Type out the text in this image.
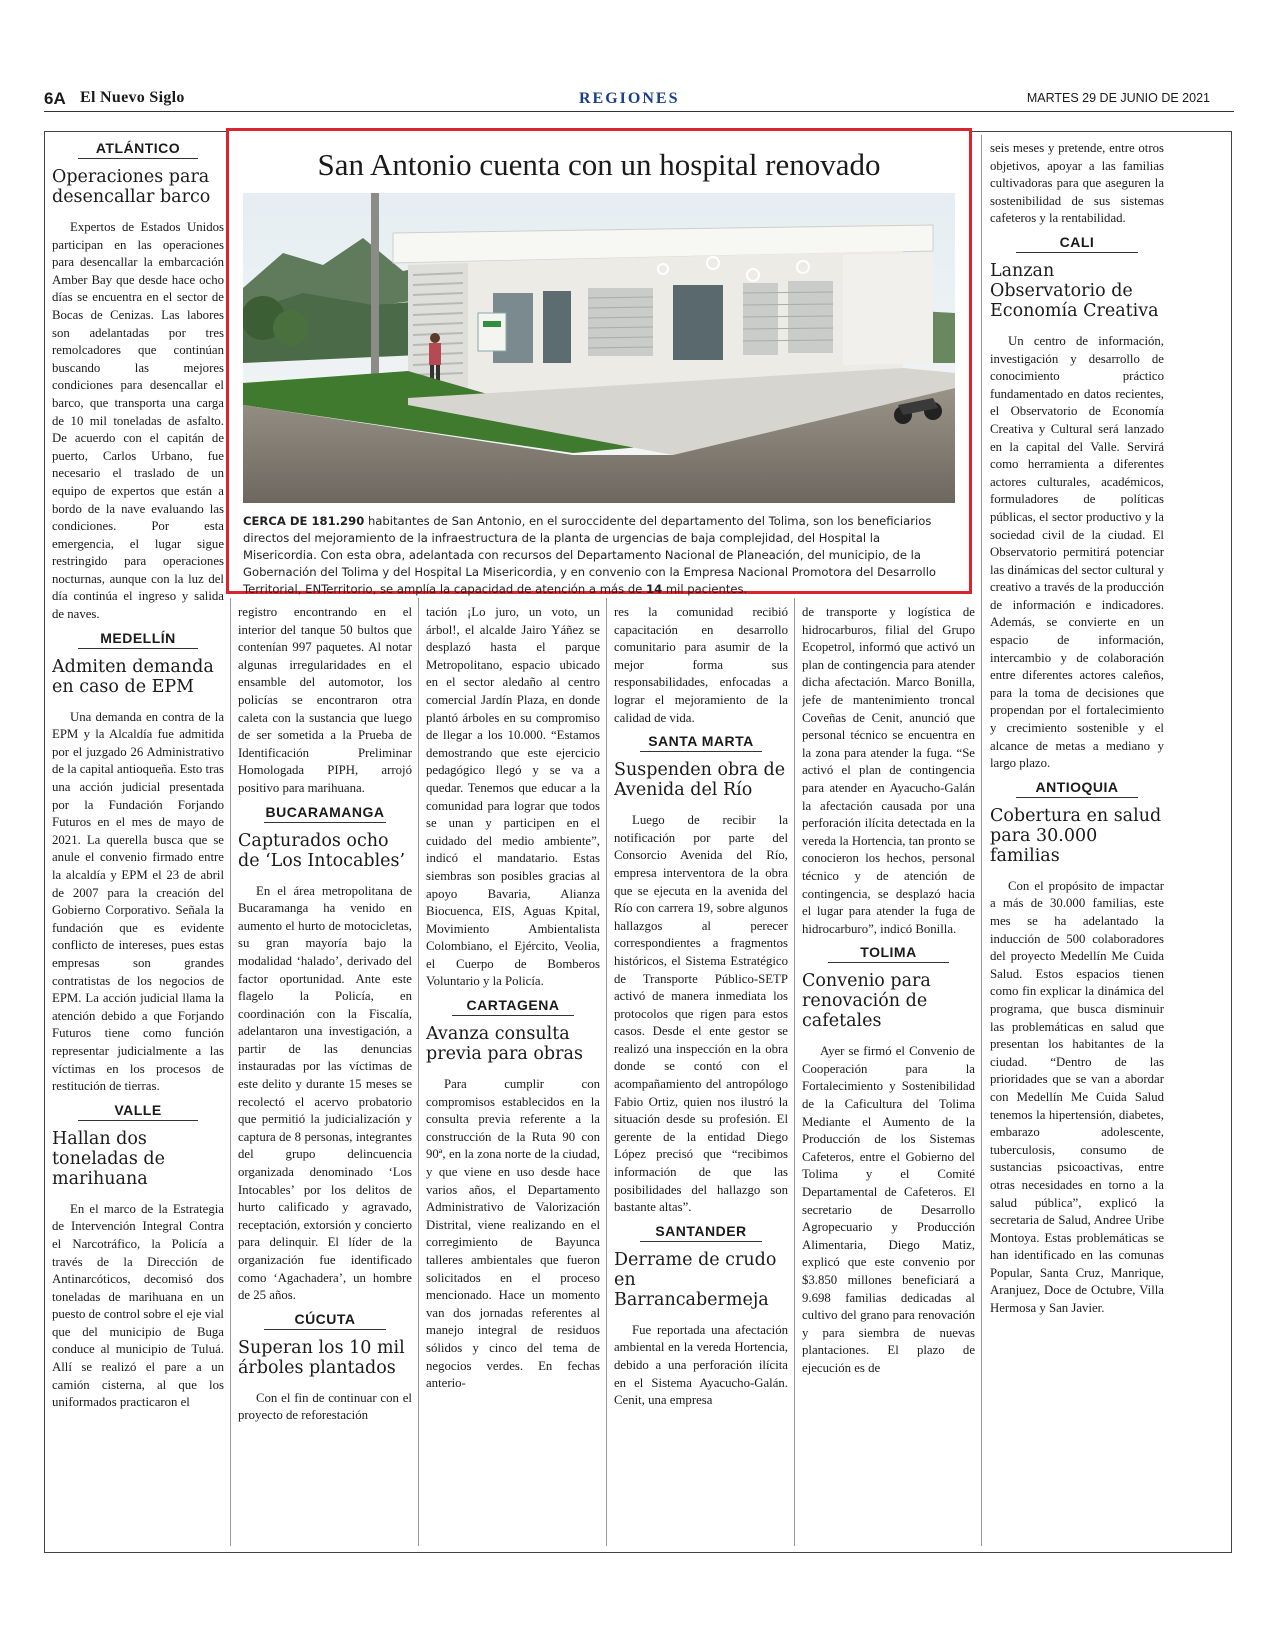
6A El Nuevo Siglo	REGIONES	MARTES 29 DE JUNIO DE 2021
ATLÁNTICO
Operaciones para desencallar barco

Expertos de Estados Unidos participan en las operaciones para desencallar la embarcación Amber Bay que desde hace ocho días se encuentra en el sector de Bocas de Cenizas. Las labores son adelantadas por tres remolcadores que continúan buscando las mejores condiciones para desencallar el barco, que transporta una carga de 10 mil toneladas de asfalto. De acuerdo con el capitán de puerto, Carlos Urbano, fue necesario el traslado de un equipo de expertos que están a bordo de la nave evaluando las condiciones. Por esta emergencia, el lugar sigue restringido para operaciones nocturnas, aunque con la luz del día continúa el ingreso y salida de naves.

MEDELLÍN
Admiten demanda en caso de EPM

Una demanda en contra de la EPM y la Alcaldía fue admitida por el juzgado 26 Administrativo de la capital antioqueña. Esto tras una acción judicial presentada por la Fundación Forjando Futuros en el mes de mayo de 2021. La querella busca que se anule el convenio firmado entre la alcaldía y EPM el 23 de abril de 2007 para la creación del Gobierno Corporativo. Señala la fundación que es evidente conflicto de intereses, pues estas empresas son grandes contratistas de los negocios de EPM. La acción judicial llama la atención debido a que Forjando Futuros tiene como función representar judicialmente a las víctimas en los procesos de restitución de tierras.

VALLE
Hallan dos toneladas de marihuana

En el marco de la Estrategia de Intervención Integral Contra el Narcotráfico, la Policía a través de la Dirección de Antinarcóticos, decomisó dos toneladas de marihuana en un puesto de control sobre el eje vial que del municipio de Buga conduce al municipio de Tuluá. Allí se realizó el pare a un camión cisterna, al que los uniformados practicaron el

San Antonio cuenta con un hospital renovado
CERCA DE 181.290 habitantes de San Antonio, en el suroccidente del departamento del Tolima, son los beneficiarios directos del mejoramiento de la infraestructura de la planta de urgencias de baja complejidad, del Hospital la Misericordia. Con esta obra, adelantada con recursos del Departamento Nacional de Planeación, del municipio, de la Gobernación del Tolima y del Hospital La Misericordia, y en convenio con la Empresa Nacional Promotora del Desarrollo Territorial, ENTerritorio, se amplía la capacidad de atención a más de 14 mil pacientes.

registro encontrando en el interior del tanque 50 bultos que contenían 997 paquetes. Al notar algunas irregularidades en el ensamble del automotor, los policías se encontraron otra caleta con la sustancia que luego de ser sometida a la Prueba de Identificación Preliminar Homologada PIPH, arrojó positivo para marihuana.

BUCARAMANGA
Capturados ocho de ‘Los Intocables’

En el área metropolitana de Bucaramanga ha venido en aumento el hurto de motocicletas, su gran mayoría bajo la modalidad ‘halado’, derivado del factor oportunidad. Ante este flagelo la Policía, en coordinación con la Fiscalía, adelantaron una investigación, a partir de las denuncias instauradas por las víctimas de este delito y durante 15 meses se recolectó el acervo probatorio que permitió la judicialización y captura de 8 personas, integrantes del grupo delincuencia organizada denominado ‘Los Intocables’ por los delitos de hurto calificado y agravado, receptación, extorsión y concierto para delinquir. El líder de la organización fue identificado como ‘Agachadera’, un hombre de 25 años.

CÚCUTA
Superan los 10 mil árboles plantados

Con el fin de continuar con el proyecto de reforestación

tación ¡Lo juro, un voto, un árbol!, el alcalde Jairo Yáñez se desplazó hasta el parque Metropolitano, espacio ubicado en el sector aledaño al centro comercial Jardín Plaza, en donde plantó árboles en su compromiso de llegar a los 10.000. “Estamos demostrando que este ejercicio pedagógico llegó y se va a quedar. Tenemos que educar a la comunidad para lograr que todos se unan y participen en el cuidado del medio ambiente”, indicó el mandatario. Estas siembras son posibles gracias al apoyo Bavaria, Alianza Biocuenca, EIS, Aguas Kpital, Movimiento Ambientalista Colombiano, el Ejército, Veolia, el Cuerpo de Bomberos Voluntario y la Policía.

CARTAGENA
Avanza consulta previa para obras

Para cumplir con compromisos establecidos en la consulta previa referente a la construcción de la Ruta 90 con 90ª, en la zona norte de la ciudad, y que viene en uso desde hace varios años, el Departamento Administrativo de Valorización Distrital, viene realizando en el corregimiento de Bayunca talleres ambientales que fueron solicitados en el proceso mencionado. Hace un momento van dos jornadas referentes al manejo integral de residuos sólidos y cinco del tema de negocios verdes. En fechas anterio-

res la comunidad recibió capacitación en desarrollo comunitario para asumir de la mejor forma sus responsabilidades, enfocadas a lograr el mejoramiento de la calidad de vida.

SANTA MARTA
Suspenden obra de Avenida del Río

Luego de recibir la notificación por parte del Consorcio Avenida del Río, empresa interventora de la obra que se ejecuta en la avenida del Río con carrera 19, sobre algunos hallazgos al perecer correspondientes a fragmentos históricos, el Sistema Estratégico de Transporte Público-SETP activó de manera inmediata los protocolos que rigen para estos casos. Desde el ente gestor se realizó una inspección en la obra donde se contó con el acompañamiento del antropólogo Fabio Ortiz, quien nos ilustró la situación desde su profesión. El gerente de la entidad Diego López precisó que “recibimos información de que las posibilidades del hallazgo son bastante altas”.

SANTANDER
Derrame de crudo en Barrancabermeja

Fue reportada una afectación ambiental en la vereda Hortencia, debido a una perforación ilícita en el Sistema Ayacucho-Galán. Cenit, una empresa

de transporte y logística de hidrocarburos, filial del Grupo Ecopetrol, informó que activó un plan de contingencia para atender dicha afectación. Marco Bonilla, jefe de mantenimiento troncal Coveñas de Cenit, anunció que personal técnico se encuentra en la zona para atender la fuga. “Se activó el plan de contingencia para atender en Ayacucho-Galán la afectación causada por una perforación ilícita detectada en la vereda la Hortencia, tan pronto se conocieron los hechos, personal técnico y de atención de contingencia, se desplazó hacia el lugar para atender la fuga de hidrocarburo”, indicó Bonilla.

TOLIMA
Convenio para renovación de cafetales

Ayer se firmó el Convenio de Cooperación para la Fortalecimiento y Sostenibilidad de la Caficultura del Tolima Mediante el Aumento de la Producción de los Sistemas Cafeteros, entre el Gobierno del Tolima y el Comité Departamental de Cafeteros. El secretario de Desarrollo Agropecuario y Producción Alimentaria, Diego Matiz, explicó que este convenio por $3.850 millones beneficiará a 9.698 familias dedicadas al cultivo del grano para renovación y para siembra de nuevas plantaciones. El plazo de ejecución es de

seis meses y pretende, entre otros objetivos, apoyar a las familias cultivadoras para que aseguren la sostenibilidad de sus sistemas cafeteros y la rentabilidad.

CALI
Lanzan Observatorio de Economía Creativa

Un centro de información, investigación y desarrollo de conocimiento práctico fundamentado en datos recientes, el Observatorio de Economía Creativa y Cultural será lanzado en la capital del Valle. Servirá como herramienta a diferentes actores culturales, académicos, formuladores de políticas públicas, el sector productivo y la sociedad civil de la ciudad. El Observatorio permitirá potenciar las dinámicas del sector cultural y creativo a través de la producción de información e indicadores. Además, se convierte en un espacio de información, intercambio y de colaboración entre diferentes actores caleños, para la toma de decisiones que propendan por el fortalecimiento y crecimiento sostenible y el alcance de metas a mediano y largo plazo.

ANTIOQUIA
Cobertura en salud para 30.000 familias

Con el propósito de impactar a más de 30.000 familias, este mes se ha adelantado la inducción de 500 colaboradores del proyecto Medellín Me Cuida Salud. Estos espacios tienen como fin explicar la dinámica del programa, que busca disminuir las problemáticas en salud que presentan los habitantes de la ciudad. “Dentro de las prioridades que se van a abordar con Medellín Me Cuida Salud tenemos la hipertensión, diabetes, embarazo adolescente, tuberculosis, consumo de sustancias psicoactivas, entre otras necesidades en torno a la salud pública”, explicó la secretaria de Salud, Andree Uribe Montoya. Estas problemáticas se han identificado en las comunas Popular, Santa Cruz, Manrique, Aranjuez, Doce de Octubre, Villa Hermosa y San Javier.
